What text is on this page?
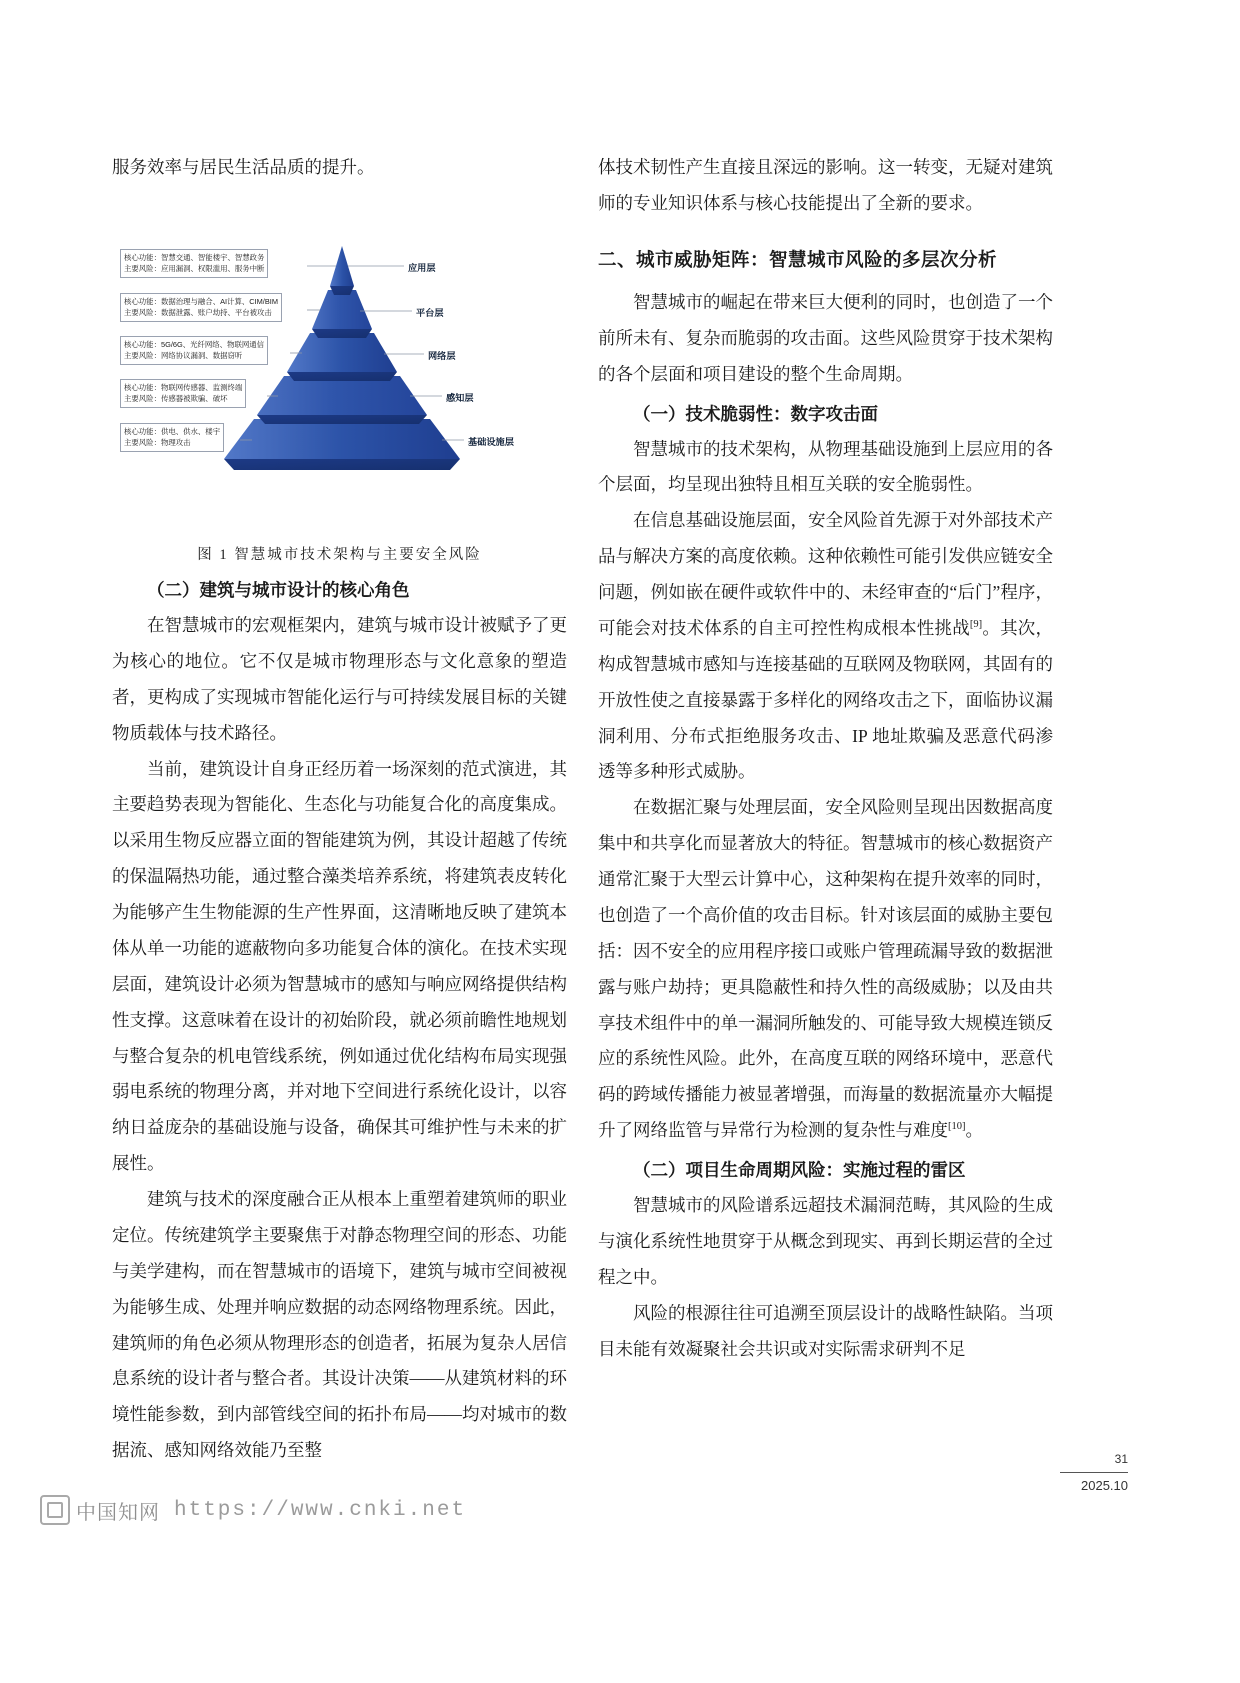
服务效率与居民生活品质的提升。

核心功能：智慧交通、智能楼宇、智慧政务
主要风险：应用漏洞、权限滥用、服务中断
核心功能：数据治理与融合、AI计算、CIM/BIM
主要风险：数据泄露、账户劫持、平台被攻击
核心功能：5G/6G、光纤网络、物联网通信
主要风险：网络协议漏洞、数据窃听
核心功能：物联网传感器、监测终端
主要风险：传感器被欺骗、破坏
核心功能：供电、供水、楼宇
主要风险：物理攻击
应用层
平台层
网络层
感知层
基础设施层
图 1 智慧城市技术架构与主要安全风险
（二）建筑与城市设计的核心角色

在智慧城市的宏观框架内，建筑与城市设计被赋予了更为核心的地位。它不仅是城市物理形态与文化意象的塑造者，更构成了实现城市智能化运行与可持续发展目标的关键物质载体与技术路径。

当前，建筑设计自身正经历着一场深刻的范式演进，其主要趋势表现为智能化、生态化与功能复合化的高度集成。以采用生物反应器立面的智能建筑为例，其设计超越了传统的保温隔热功能，通过整合藻类培养系统，将建筑表皮转化为能够产生生物能源的生产性界面，这清晰地反映了建筑本体从单一功能的遮蔽物向多功能复合体的演化。在技术实现层面，建筑设计必须为智慧城市的感知与响应网络提供结构性支撑。这意味着在设计的初始阶段，就必须前瞻性地规划与整合复杂的机电管线系统，例如通过优化结构布局实现强弱电系统的物理分离，并对地下空间进行系统化设计，以容纳日益庞杂的基础设施与设备，确保其可维护性与未来的扩展性。

建筑与技术的深度融合正从根本上重塑着建筑师的职业定位。传统建筑学主要聚焦于对静态物理空间的形态、功能与美学建构，而在智慧城市的语境下，建筑与城市空间被视为能够生成、处理并响应数据的动态网络物理系统。因此，建筑师的角色必须从物理形态的创造者，拓展为复杂人居信息系统的设计者与整合者。其设计决策——从建筑材料的环境性能参数，到内部管线空间的拓扑布局——均对城市的数据流、感知网络效能乃至整

体技术韧性产生直接且深远的影响。这一转变，无疑对建筑师的专业知识体系与核心技能提出了全新的要求。

二、城市威胁矩阵：智慧城市风险的多层次分析

智慧城市的崛起在带来巨大便利的同时，也创造了一个前所未有、复杂而脆弱的攻击面。这些风险贯穿于技术架构的各个层面和项目建设的整个生命周期。

（一）技术脆弱性：数字攻击面

智慧城市的技术架构，从物理基础设施到上层应用的各个层面，均呈现出独特且相互关联的安全脆弱性。

在信息基础设施层面，安全风险首先源于对外部技术产品与解决方案的高度依赖。这种依赖性可能引发供应链安全问题，例如嵌在硬件或软件中的、未经审查的“后门”程序，可能会对技术体系的自主可控性构成根本性挑战[9]。其次，构成智慧城市感知与连接基础的互联网及物联网，其固有的开放性使之直接暴露于多样化的网络攻击之下，面临协议漏洞利用、分布式拒绝服务攻击、IP 地址欺骗及恶意代码渗透等多种形式威胁。

在数据汇聚与处理层面，安全风险则呈现出因数据高度集中和共享化而显著放大的特征。智慧城市的核心数据资产通常汇聚于大型云计算中心，这种架构在提升效率的同时，也创造了一个高价值的攻击目标。针对该层面的威胁主要包括：因不安全的应用程序接口或账户管理疏漏导致的数据泄露与账户劫持；更具隐蔽性和持久性的高级威胁；以及由共享技术组件中的单一漏洞所触发的、可能导致大规模连锁反应的系统性风险。此外，在高度互联的网络环境中，恶意代码的跨域传播能力被显著增强，而海量的数据流量亦大幅提升了网络监管与异常行为检测的复杂性与难度[10]。

（二）项目生命周期风险：实施过程的雷区

智慧城市的风险谱系远超技术漏洞范畴，其风险的生成与演化系统性地贯穿于从概念到现实、再到长期运营的全过程之中。

风险的根源往往可追溯至顶层设计的战略性缺陷。当项目未能有效凝聚社会共识或对实际需求研判不足

31
2025.10
中国知网 https://www.cnki.net
